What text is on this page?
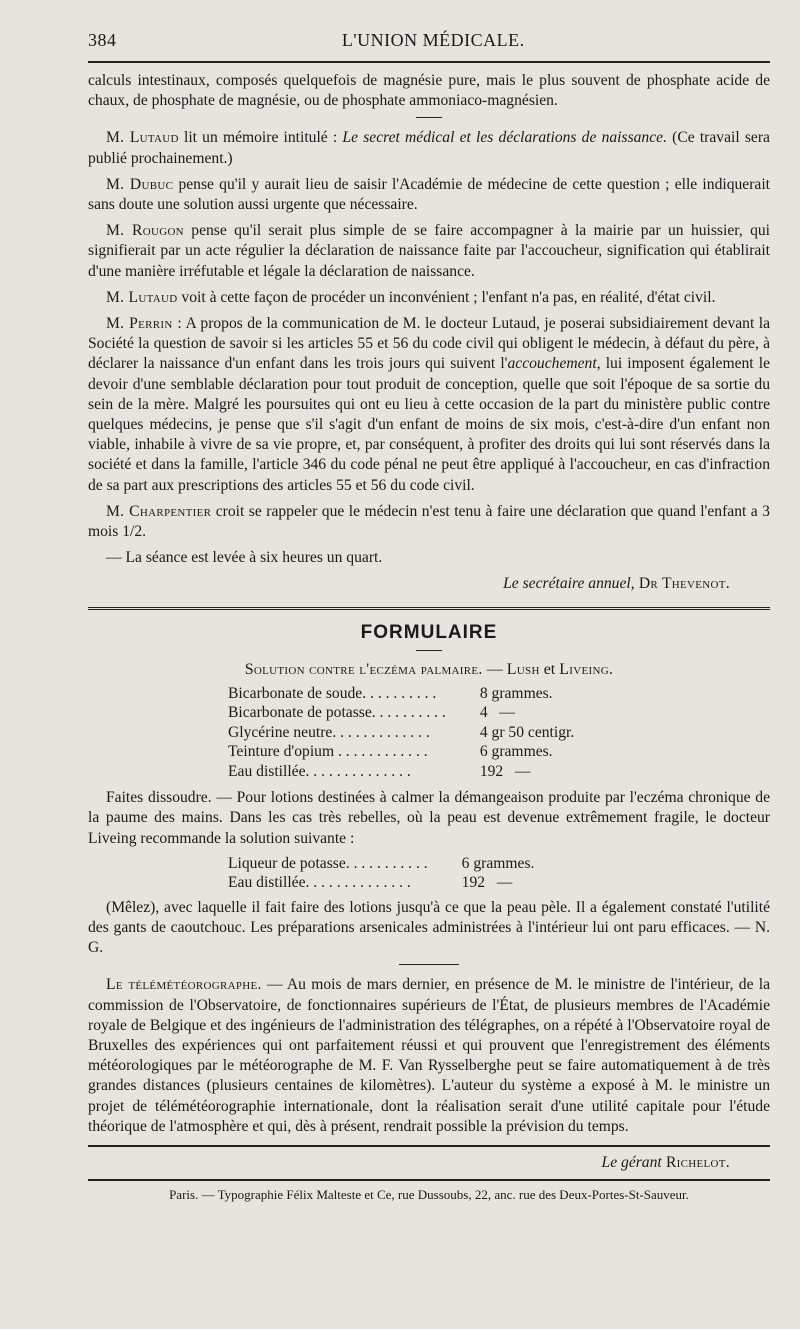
384	L'UNION MÉDICALE.

calculs intestinaux, composés quelquefois de magnésie pure, mais le plus souvent de phosphate acide de chaux, de phosphate de magnésie, ou de phosphate ammoniaco-magnésien.

M. Lutaud lit un mémoire intitulé : Le secret médical et les déclarations de naissance. (Ce travail sera publié prochainement.)

M. Dubuc pense qu'il y aurait lieu de saisir l'Académie de médecine de cette question ; elle indiquerait sans doute une solution aussi urgente que nécessaire.

M. Rougon pense qu'il serait plus simple de se faire accompagner à la mairie par un huissier, qui signifierait par un acte régulier la déclaration de naissance faite par l'accoucheur, signification qui établirait d'une manière irréfutable et légale la déclaration de naissance.

M. Lutaud voit à cette façon de procéder un inconvénient ; l'enfant n'a pas, en réalité, d'état civil.

M. Perrin : A propos de la communication de M. le docteur Lutaud, je poserai subsidiairement devant la Société la question de savoir si les articles 55 et 56 du code civil qui obligent le médecin, à défaut du père, à déclarer la naissance d'un enfant dans les trois jours qui suivent l'accouchement, lui imposent également le devoir d'une semblable déclaration pour tout produit de conception, quelle que soit l'époque de sa sortie du sein de la mère. Malgré les poursuites qui ont eu lieu à cette occasion de la part du ministère public contre quelques médecins, je pense que s'il s'agit d'un enfant de moins de six mois, c'est-à-dire d'un enfant non viable, inhabile à vivre de sa vie propre, et, par conséquent, à profiter des droits qui lui sont réservés dans la société et dans la famille, l'article 346 du code pénal ne peut être appliqué à l'accoucheur, en cas d'infraction de sa part aux prescriptions des articles 55 et 56 du code civil.

M. Charpentier croit se rappeler que le médecin n'est tenu à faire une déclaration que quand l'enfant a 3 mois 1/2.

— La séance est levée à six heures un quart.

Le secrétaire annuel, Dr Thevenot.

FORMULAIRE
Solution contre l'eczéma palmaire. — Lush et Liveing.
Bicarbonate de soude. . . . . . . . . .	8 grammes.
Bicarbonate de potasse. . . . . . . . . .	4   —
Glycérine neutre. . . . . . . . . . . . .	4 gr 50 centigr.
Teinture d'opium . . . . . . . . . . . .	6 grammes.
Eau distillée. . . . . . . . . . . . . .	192   —

Faites dissoudre. — Pour lotions destinées à calmer la démangeaison produite par l'eczéma chronique de la paume des mains. Dans les cas très rebelles, où la peau est devenue extrêmement fragile, le docteur Liveing recommande la solution suivante :

Liqueur de potasse. . . . . . . . . . .	6 grammes.
Eau distillée. . . . . . . . . . . . . .	192   —

(Mêlez), avec laquelle il fait faire des lotions jusqu'à ce que la peau pèle. Il a également constaté l'utilité des gants de caoutchouc. Les préparations arsenicales administrées à l'intérieur lui ont paru efficaces. — N. G.

Le télémétéorographe. — Au mois de mars dernier, en présence de M. le ministre de l'intérieur, de la commission de l'Observatoire, de fonctionnaires supérieurs de l'État, de plusieurs membres de l'Académie royale de Belgique et des ingénieurs de l'administration des télégraphes, on a répété à l'Observatoire royal de Bruxelles des expériences qui ont parfaitement réussi et qui prouvent que l'enregistrement des éléments météorologiques par le météorographe de M. F. Van Rysselberghe peut se faire automatiquement à de très grandes distances (plusieurs centaines de kilomètres). L'auteur du système a exposé à M. le ministre un projet de télémétéorographie internationale, dont la réalisation serait d'une utilité capitale pour l'étude théorique de l'atmosphère et qui, dès à présent, rendrait possible la prévision du temps.

Le gérant Richelot.

Paris. — Typographie Félix Malteste et Ce, rue Dussoubs, 22, anc. rue des Deux-Portes-St-Sauveur.
